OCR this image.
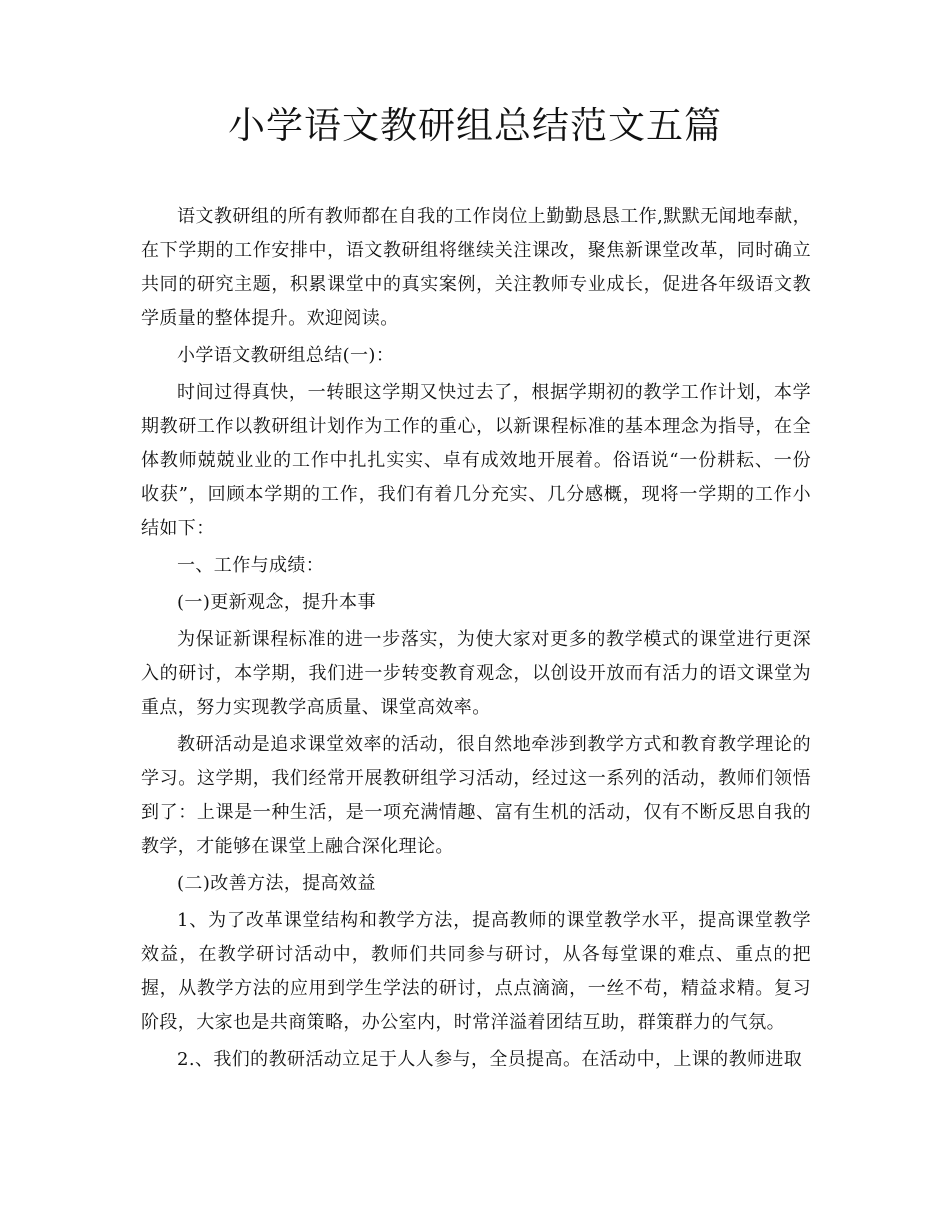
小学语文教研组总结范文五篇

语文教研组的所有教师都在自我的工作岗位上勤勤恳恳工作,默默无闻地奉献，在下学期的工作安排中，语文教研组将继续关注课改，聚焦新课堂改革，同时确立共同的研究主题，积累课堂中的真实案例，关注教师专业成长，促进各年级语文教学质量的整体提升。欢迎阅读。

小学语文教研组总结(一)：

时间过得真快，一转眼这学期又快过去了，根据学期初的教学工作计划，本学期教研工作以教研组计划作为工作的重心，以新课程标准的基本理念为指导，在全体教师兢兢业业的工作中扎扎实实、卓有成效地开展着。俗语说“一份耕耘、一份收获”，回顾本学期的工作，我们有着几分充实、几分感概，现将一学期的工作小结如下：

一、工作与成绩：

(一)更新观念，提升本事

为保证新课程标准的进一步落实，为使大家对更多的教学模式的课堂进行更深入的研讨，本学期，我们进一步转变教育观念，以创设开放而有活力的语文课堂为重点，努力实现教学高质量、课堂高效率。

教研活动是追求课堂效率的活动，很自然地牵涉到教学方式和教育教学理论的学习。这学期，我们经常开展教研组学习活动，经过这一系列的活动，教师们领悟到了：上课是一种生活，是一项充满情趣、富有生机的活动，仅有不断反思自我的教学，才能够在课堂上融合深化理论。

(二)改善方法，提高效益

1、为了改革课堂结构和教学方法，提高教师的课堂教学水平，提高课堂教学效益，在教学研讨活动中，教师们共同参与研讨，从各每堂课的难点、重点的把握，从教学方法的应用到学生学法的研讨，点点滴滴，一丝不苟，精益求精。复习阶段，大家也是共商策略，办公室内，时常洋溢着团结互助，群策群力的气氛。

2.、我们的教研活动立足于人人参与，全员提高。在活动中，上课的教师进取
